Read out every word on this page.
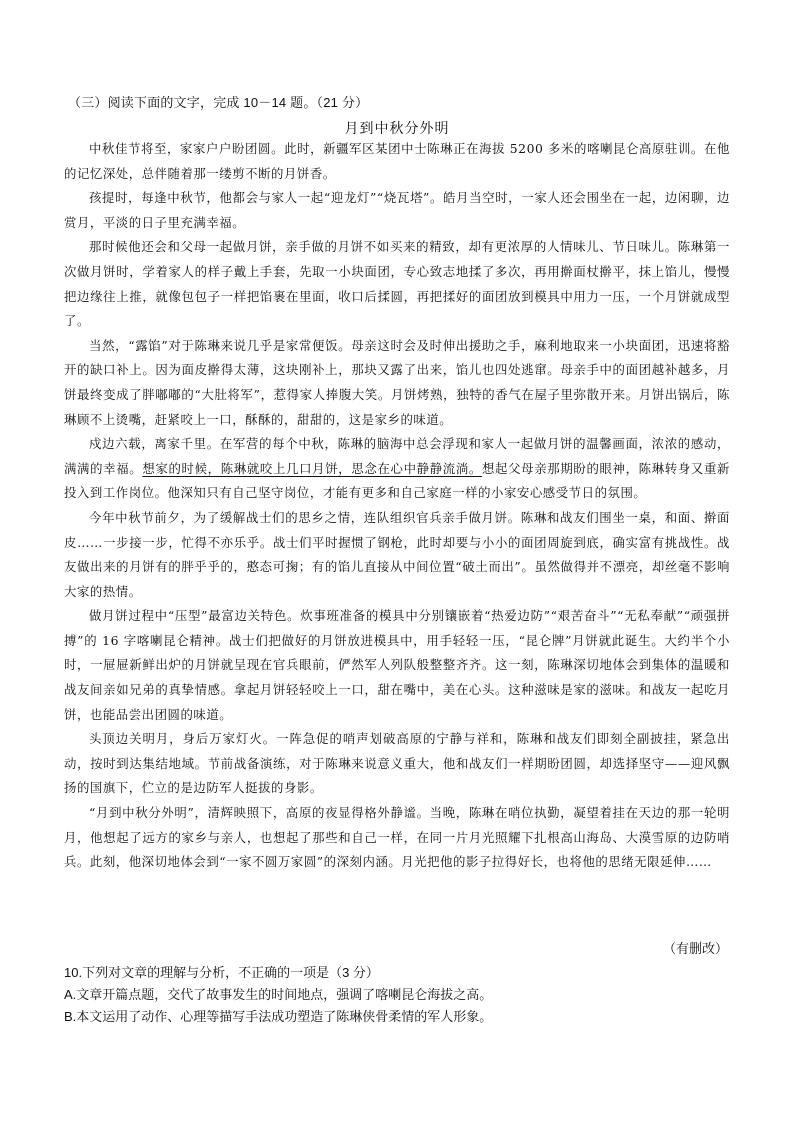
（三）阅读下面的文字，完成 10－14 题。（21 分）
月到中秋分外明

中秋佳节将至，家家户户盼团圆。此时，新疆军区某团中士陈琳正在海拔 5200 多米的喀喇昆仑高原驻训。在他的记忆深处，总伴随着那一缕剪不断的月饼香。

孩提时，每逢中秋节，他都会与家人一起“迎龙灯”“烧瓦塔”。皓月当空时，一家人还会围坐在一起，边闲聊，边赏月，平淡的日子里充满幸福。

那时候他还会和父母一起做月饼，亲手做的月饼不如买来的精致，却有更浓厚的人情味儿、节日味儿。陈琳第一次做月饼时，学着家人的样子戴上手套，先取一小块面团，专心致志地揉了多次，再用擀面杖擀平，抹上馅儿，慢慢把边缘往上推，就像包包子一样把馅裹在里面，收口后揉圆，再把揉好的面团放到模具中用力一压，一个月饼就成型了。

当然，“露馅”对于陈琳来说几乎是家常便饭。母亲这时会及时伸出援助之手，麻利地取来一小块面团，迅速将豁开的缺口补上。因为面皮擀得太薄，这块刚补上，那块又露了出来，馅儿也四处逃窜。母亲手中的面团越补越多，月饼最终变成了胖嘟嘟的“大肚将军”，惹得家人捧腹大笑。月饼烤熟，独特的香气在屋子里弥散开来。月饼出锅后，陈琳顾不上烫嘴，赶紧咬上一口，酥酥的，甜甜的，这是家乡的味道。

戍边六载，离家千里。在军营的每个中秋，陈琳的脑海中总会浮现和家人一起做月饼的温馨画面，浓浓的感动，满满的幸福。想家的时候，陈琳就咬上几口月饼，思念在心中静静流淌。想起父母亲那期盼的眼神，陈琳转身又重新投入到工作岗位。他深知只有自己坚守岗位，才能有更多和自己家庭一样的小家安心感受节日的氛围。

今年中秋节前夕，为了缓解战士们的思乡之情，连队组织官兵亲手做月饼。陈琳和战友们围坐一桌，和面、擀面皮……一步接一步，忙得不亦乐乎。战士们平时握惯了钢枪，此时却要与小小的面团周旋到底，确实富有挑战性。战友做出来的月饼有的胖乎乎的，憨态可掬；有的馅儿直接从中间位置“破土而出”。虽然做得并不漂亮，却丝毫不影响大家的热情。

做月饼过程中“压型”最富边关特色。炊事班准备的模具中分别镶嵌着“热爱边防”“艰苦奋斗”“无私奉献”“顽强拼搏”的 16 字喀喇昆仑精神。战士们把做好的月饼放进模具中，用手轻轻一压，“昆仑牌”月饼就此诞生。大约半个小时，一屉屉新鲜出炉的月饼就呈现在官兵眼前，俨然军人列队般整整齐齐。这一刻，陈琳深切地体会到集体的温暖和战友间亲如兄弟的真挚情感。拿起月饼轻轻咬上一口，甜在嘴中，美在心头。这种滋味是家的滋味。和战友一起吃月饼，也能品尝出团圆的味道。

头顶边关明月，身后万家灯火。一阵急促的哨声划破高原的宁静与祥和，陈琳和战友们即刻全副披挂，紧急出动，按时到达集结地域。节前战备演练，对于陈琳来说意义重大，他和战友们一样期盼团圆，却选择坚守——迎风飘扬的国旗下，伫立的是边防军人挺拔的身影。

“月到中秋分外明”，清辉映照下，高原的夜显得格外静谧。当晚，陈琳在哨位执勤，凝望着挂在天边的那一轮明月，他想起了远方的家乡与亲人，也想起了那些和自己一样，在同一片月光照耀下扎根高山海岛、大漠雪原的边防哨兵。此刻，他深切地体会到“一家不圆万家圆”的深刻内涵。月光把他的影子拉得好长，也将他的思绪无限延伸……

（有删改）
10.下列对文章的理解与分析，不正确的一项是（3 分）
A.文章开篇点题，交代了故事发生的时间地点，强调了喀喇昆仑海拔之高。
B.本文运用了动作、心理等描写手法成功塑造了陈琳侠骨柔情的军人形象。
